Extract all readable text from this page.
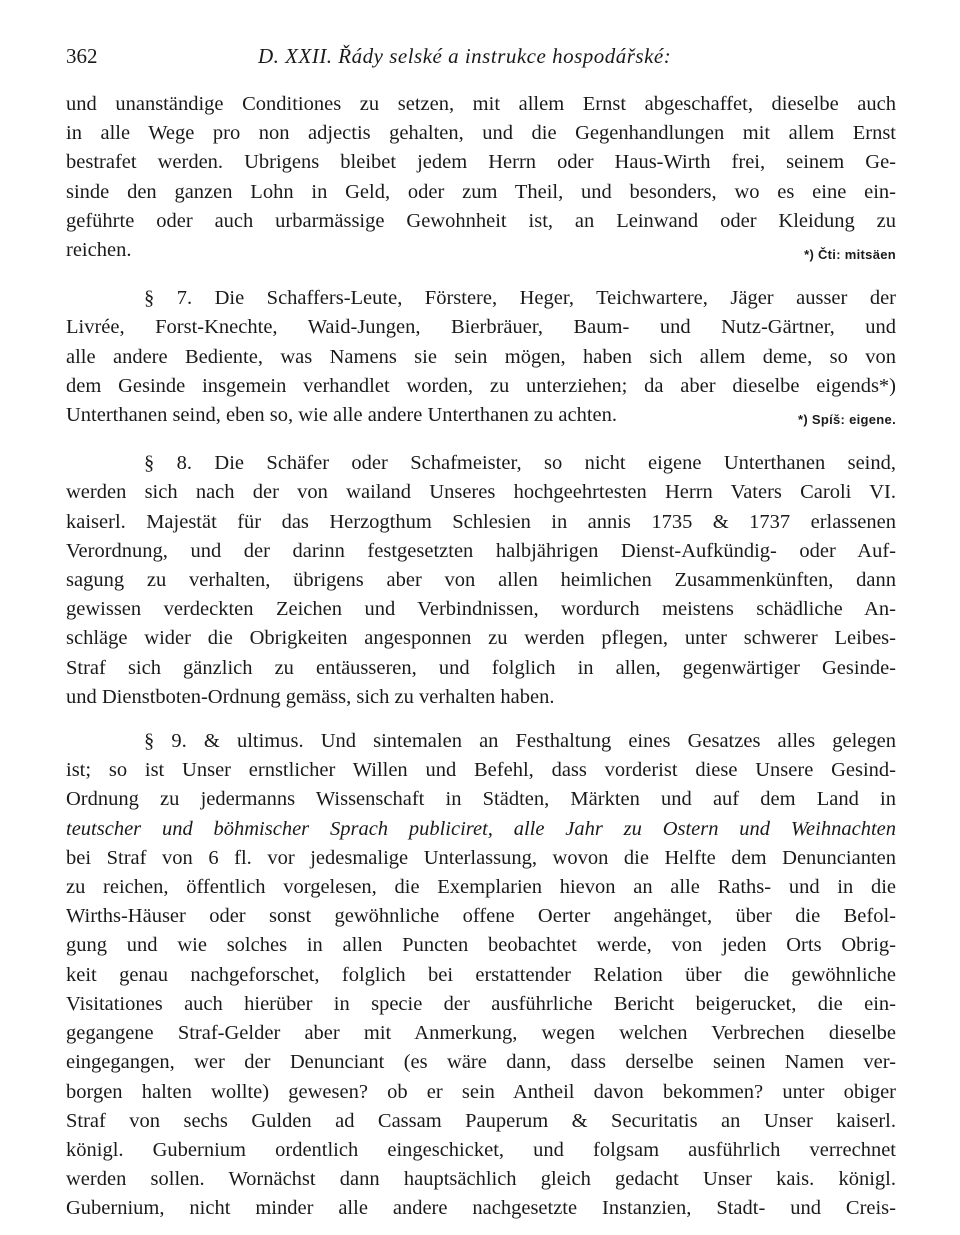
362	D. XXII. Řády selské a instrukce hospodářské:
und unanständige Conditiones zu setzen, mit allem Ernst abgeschaffet, dieselbe auch
in alle Wege pro non adjectis gehalten, und die Gegenhandlungen mit allem Ernst
bestrafet werden. Ubrigens bleibet jedem Herrn oder Haus-Wirth frei, seinem Ge-
sinde den ganzen Lohn in Geld, oder zum Theil, und besonders, wo es eine ein-
geführte oder auch urbarmässige Gewohnheit ist, an Leinwand oder Kleidung zu
reichen.	*) Čti: mitsäen
§ 7. Die Schaffers-Leute, Förstere, Heger, Teichwartere, Jäger ausser der
Livrée, Forst-Knechte, Waid-Jungen, Bierbräuer, Baum- und Nutz-Gärtner, und
alle andere Bediente, was Namens sie sein mögen, haben sich allem deme, so von
dem Gesinde insgemein verhandlet worden, zu unterziehen; da aber dieselbe eigends*)
Unterthanen seind, eben so, wie alle andere Unterthanen zu achten.	*) Spíš: eigene.
§ 8. Die Schäfer oder Schafmeister, so nicht eigene Unterthanen seind,
werden sich nach der von wailand Unseres hochgeehrtesten Herrn Vaters Caroli VI.
kaiserl. Majestät für das Herzogthum Schlesien in annis 1735 & 1737 erlassenen
Verordnung, und der darinn festgesetzten halbjährigen Dienst-Aufkündig- oder Auf-
sagung zu verhalten, übrigens aber von allen heimlichen Zusammenkünften, dann
gewissen verdeckten Zeichen und Verbindnissen, wordurch meistens schädliche An-
schläge wider die Obrigkeiten angesponnen zu werden pflegen, unter schwerer Leibes-
Straf sich gänzlich zu entäusseren, und folglich in allen, gegenwärtiger Gesinde-
und Dienstboten-Ordnung gemäss, sich zu verhalten haben.
§ 9. & ultimus. Und sintemalen an Festhaltung eines Gesatzes alles gelegen
ist; so ist Unser ernstlicher Willen und Befehl, dass vorderist diese Unsere Gesind-
Ordnung zu jedermanns Wissenschaft in Städten, Märkten und auf dem Land in
teutscher und böhmischer Sprach publiciret, alle Jahr zu Ostern und Weihnachten
bei Straf von 6 fl. vor jedesmalige Unterlassung, wovon die Helfte dem Denuncianten
zu reichen, öffentlich vorgelesen, die Exemplarien hievon an alle Raths- und in die
Wirths-Häuser oder sonst gewöhnliche offene Oerter angehänget, über die Befol-
gung und wie solches in allen Puncten beobachtet werde, von jeden Orts Obrig-
keit genau nachgeforschet, folglich bei erstattender Relation über die gewöhnliche
Visitationes auch hierüber in specie der ausführliche Bericht beigerucket, die ein-
gegangene Straf-Gelder aber mit Anmerkung, wegen welchen Verbrechen dieselbe
eingegangen, wer der Denunciant (es wäre dann, dass derselbe seinen Namen ver-
borgen halten wollte) gewesen? ob er sein Antheil davon bekommen? unter obiger
Straf von sechs Gulden ad Cassam Pauperum & Securitatis an Unser kaiserl.
königl. Gubernium ordentlich eingeschicket, und folgsam ausführlich verrechnet
werden sollen. Wornächst dann hauptsächlich gleich gedacht Unser kais. königl.
Gubernium, nicht minder alle andere nachgesetzte Instanzien, Stadt- und Creis-
